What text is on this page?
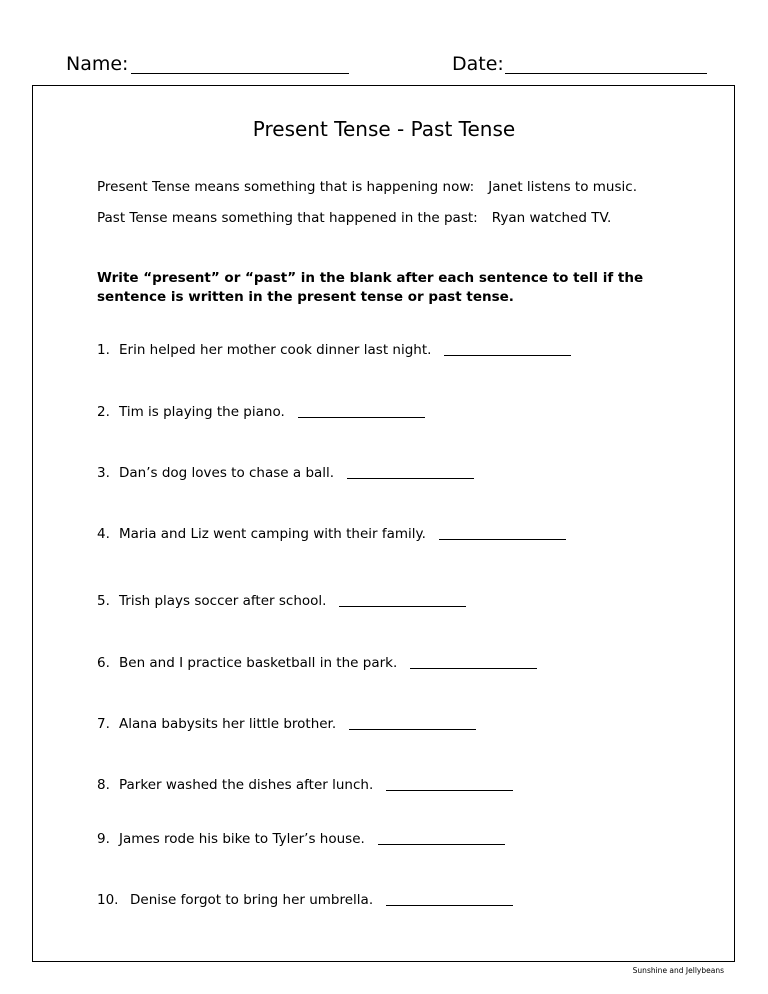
Name:	Date:
Present Tense - Past Tense
Present Tense means something that is happening now: Janet listens to music.
Past Tense means something that happened in the past: Ryan watched TV.
Write “present” or “past” in the blank after each sentence to tell if the sentence is written in the present tense or past tense.
1. Erin helped her mother cook dinner last night.
2. Tim is playing the piano.
3. Dan’s dog loves to chase a ball.
4. Maria and Liz went camping with their family.
5. Trish plays soccer after school.
6. Ben and I practice basketball in the park.
7. Alana babysits her little brother.
8. Parker washed the dishes after lunch.
9. James rode his bike to Tyler’s house.
10. Denise forgot to bring her umbrella.
Sunshine and Jellybeans
